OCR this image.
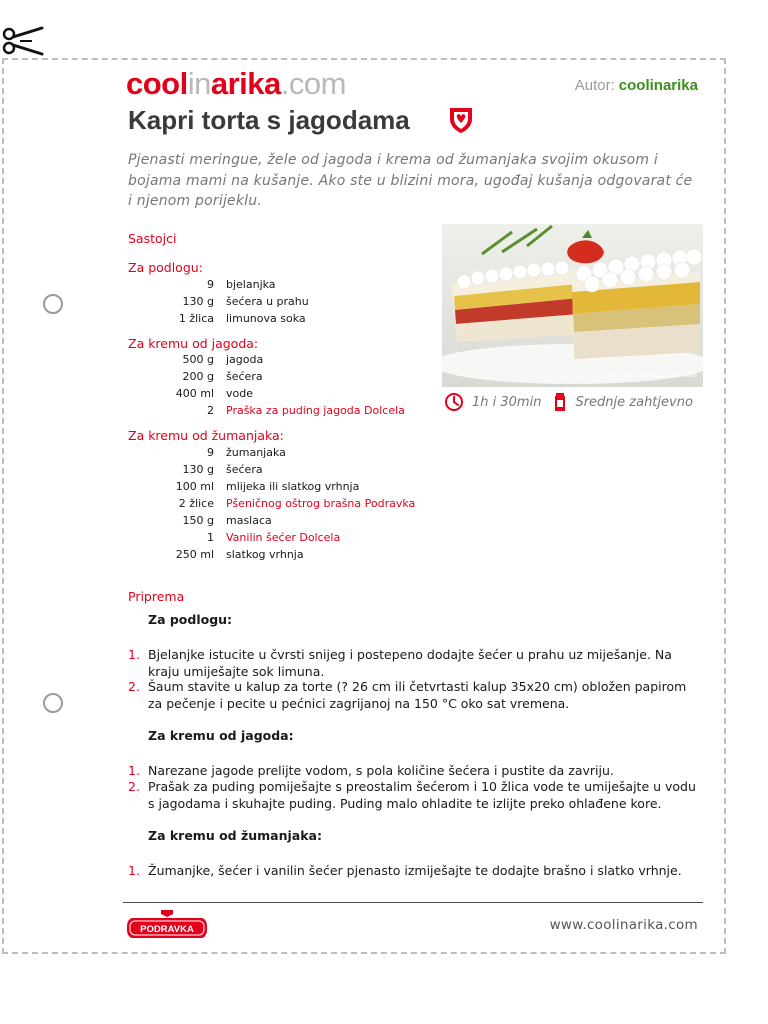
coolinarika.com	Autor: coolinarika
Kapri torta s jagodama
Pjenasti meringue, žele od jagoda i krema od žumanjaka svojim okusom i bojama mami na kušanje. Ako ste u blizini mora, ugođaj kušanja odgovarat će i njenom porijeklu.
Sastojci
Za podlogu:
9	bjelanjka
130 g	šećera u prahu
1 žlica	limunova soka
Za kremu od jagoda:
500 g	jagoda
200 g	šećera
400 ml	vode
2	Praška za puding jagoda Dolcela
Za kremu od žumanjaka:
9	žumanjaka
130 g	šećera
100 ml	mlijeka ili slatkog vrhnja
2 žlice	Pšeničnog oštrog brašna Podravka
150 g	maslaca
1	Vanilin šećer Dolcela
250 ml	slatkog vrhnja
coolinarika.com/klub/coolinarika
1h i 30min	Srednje zahtjevno
Priprema
Za podlogu:
1. Bjelanjke istucite u čvrsti snijeg i postepeno dodajte šećer u prahu uz miješanje. Na kraju umiješajte sok limuna.
2. Šaum stavite u kalup za torte (? 26 cm ili četvrtasti kalup 35x20 cm) obložen papirom za pečenje i pecite u pećnici zagrijanoj na 150 °C oko sat vremena.
Za kremu od jagoda:
1. Narezane jagode prelijte vodom, s pola količine šećera i pustite da zavriju.
2. Prašak za puding pomiješajte s preostalim šećerom i 10 žlica vode te umiješajte u vodu s jagodama i skuhajte puding. Puding malo ohladite te izlijte preko ohlađene kore.
Za kremu od žumanjaka:
1. Žumanjke, šećer i vanilin šećer pjenasto izmiješajte te dodajte brašno i slatko vrhnje.
PODRAVKA	www.coolinarika.com
